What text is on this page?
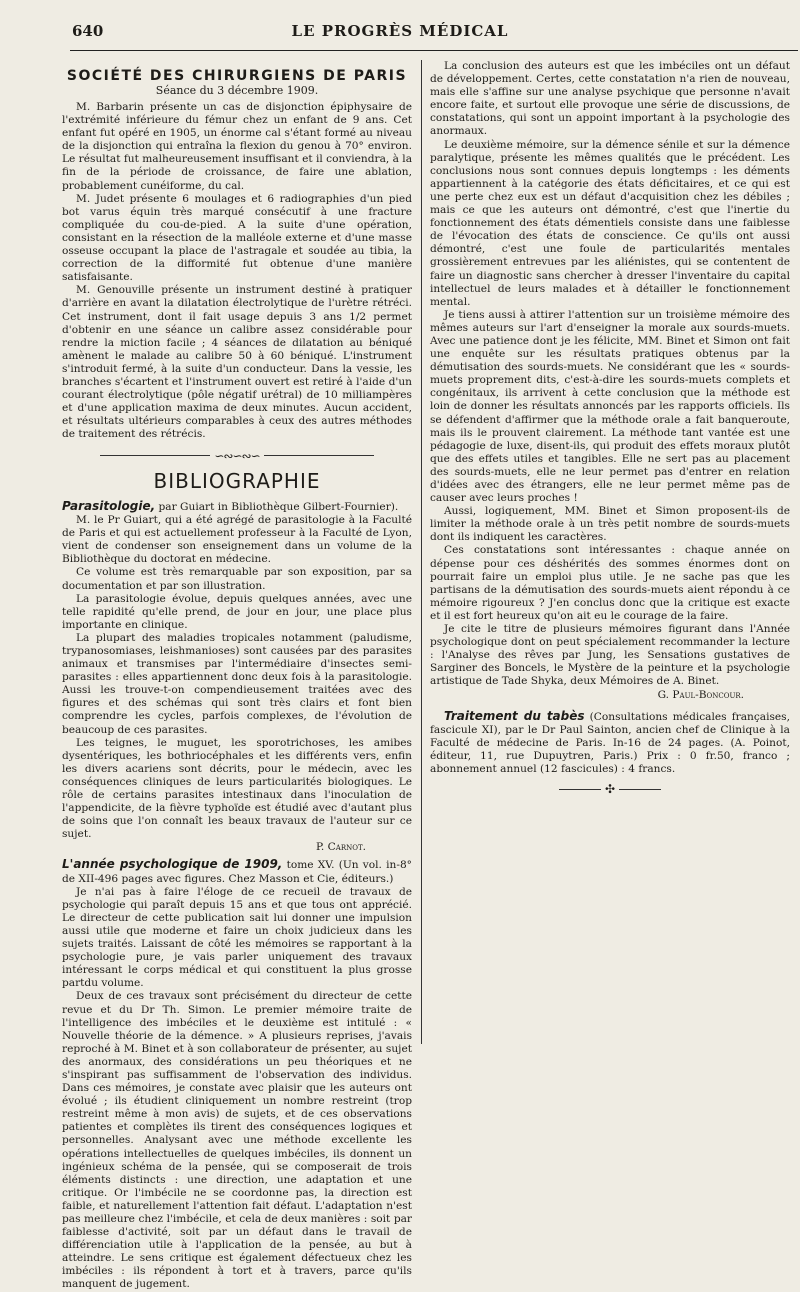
640	LE PROGRÈS MÉDICAL
SOCIÉTÉ DES CHIRURGIENS DE PARIS
Séance du 3 décembre 1909.

M. Barbarin présente un cas de disjonction épiphysaire de l'extrémité inférieure du fémur chez un enfant de 9 ans. Cet enfant fut opéré en 1905, un énorme cal s'étant formé au niveau de la disjonction qui entraîna la flexion du genou à 70° environ. Le résultat fut malheureusement insuffisant et il conviendra, à la fin de la période de croissance, de faire une ablation, probablement cunéiforme, du cal.

M. Judet présente 6 moulages et 6 radiographies d'un pied bot varus équin très marqué consécutif à une fracture compliquée du cou-de-pied. A la suite d'une opération, consistant en la résection de la malléole externe et d'une masse osseuse occupant la place de l'astragale et soudée au tibia, la correction de la difformité fut obtenue d'une manière satisfaisante.

M. Genouville présente un instrument destiné à pratiquer d'arrière en avant la dilatation électrolytique de l'urètre rétréci. Cet instrument, dont il fait usage depuis 3 ans 1/2 permet d'obtenir en une séance un calibre assez considérable pour rendre la miction facile ; 4 séances de dilatation au béniqué amènent le malade au calibre 50 à 60 béniqué. L'instrument s'introduit fermé, à la suite d'un conducteur. Dans la vessie, les branches s'écartent et l'instrument ouvert est retiré à l'aide d'un courant électrolytique (pôle négatif urétral) de 10 milliampères et d'une application maxima de deux minutes. Aucun accident, et résultats ultérieurs comparables à ceux des autres méthodes de traitement des rétrécis.

∽∾∽∾∽
BIBLIOGRAPHIE

Parasitologie, par Guiart in Bibliothèque Gilbert-Fournier).

M. le Pr Guiart, qui a été agrégé de parasitologie à la Faculté de Paris et qui est actuellement professeur à la Faculté de Lyon, vient de condenser son enseignement dans un volume de la Bibliothèque du doctorat en médecine.

Ce volume est très remarquable par son exposition, par sa documentation et par son illustration.

La parasitologie évolue, depuis quelques années, avec une telle rapidité qu'elle prend, de jour en jour, une place plus importante en clinique.

La plupart des maladies tropicales notamment (paludisme, trypanosomiases, leishmanioses) sont causées par des parasites animaux et transmises par l'intermédiaire d'insectes semi-parasites : elles appartiennent donc deux fois à la parasitologie. Aussi les trouve-t-on compendieusement traitées avec des figures et des schémas qui sont très clairs et font bien comprendre les cycles, parfois complexes, de l'évolution de beaucoup de ces parasites.

Les teignes, le muguet, les sporotrichoses, les amibes dysentériques, les bothriocéphales et les différents vers, enfin les divers acariens sont décrits, pour le médecin, avec les conséquences cliniques de leurs particularités biologiques. Le rôle de certains parasites intestinaux dans l'inoculation de l'appendicite, de la fièvre typhoïde est étudié avec d'autant plus de soins que l'on connaît les beaux travaux de l'auteur sur ce sujet.

P. Carnot.

L'année psychologique de 1909, tome XV. (Un vol. in-8° de XII-496 pages avec figures. Chez Masson et Cie, éditeurs.)

Je n'ai pas à faire l'éloge de ce recueil de travaux de psychologie qui paraît depuis 15 ans et que tous ont apprécié. Le directeur de cette publication sait lui donner une impulsion aussi utile que moderne et faire un choix judicieux dans les sujets traités. Laissant de côté les mémoires se rapportant à la psychologie pure, je vais parler uniquement des travaux intéressant le corps médical et qui constituent la plus grosse partdu volume.

Deux de ces travaux sont précisément du directeur de cette revue et du Dr Th. Simon. Le premier mémoire traite de l'intelligence des imbéciles et le deuxième est intitulé : « Nouvelle théorie de la démence. » A plusieurs reprises, j'avais reproché à M. Binet et à son collaborateur de présenter, au sujet des anormaux, des considérations un peu théoriques et ne s'inspirant pas suffisamment de l'observation des individus. Dans ces mémoires, je constate avec plaisir que les auteurs ont évolué ; ils étudient cliniquement un nombre restreint (trop restreint même à mon avis) de sujets, et de ces observations patientes et complètes ils tirent des conséquences logiques et personnelles. Analysant avec une méthode excellente les opérations intellectuelles de quelques imbéciles, ils donnent un ingénieux schéma de la pensée, qui se composerait de trois éléments distincts : une direction, une adaptation et une critique. Or l'imbécile ne se coordonne pas, la direction est faible, et naturellement l'attention fait défaut. L'adaptation n'est pas meilleure chez l'imbécile, et cela de deux manières : soit par faiblesse d'activité, soit par un défaut dans le travail de différenciation utile à l'application de la pensée, au but à atteindre. Le sens critique est également défectueux chez les imbéciles : ils répondent à tort et à travers, parce qu'ils manquent de jugement.

La conclusion des auteurs est que les imbéciles ont un défaut de développement. Certes, cette constatation n'a rien de nouveau, mais elle s'affine sur une analyse psychique que personne n'avait encore faite, et surtout elle provoque une série de discussions, de constatations, qui sont un appoint important à la psychologie des anormaux.

Le deuxième mémoire, sur la démence sénile et sur la démence paralytique, présente les mêmes qualités que le précédent. Les conclusions nous sont connues depuis longtemps : les déments appartiennent à la catégorie des états déficitaires, et ce qui est une perte chez eux est un défaut d'acquisition chez les débiles ; mais ce que les auteurs ont démontré, c'est que l'inertie du fonctionnement des états démentiels consiste dans une faiblesse de l'évocation des états de conscience. Ce qu'ils ont aussi démontré, c'est une foule de particularités mentales grossièrement entrevues par les aliénistes, qui se contentent de faire un diagnostic sans chercher à dresser l'inventaire du capital intellectuel de leurs malades et à détailler le fonctionnement mental.

Je tiens aussi à attirer l'attention sur un troisième mémoire des mêmes auteurs sur l'art d'enseigner la morale aux sourds-muets. Avec une patience dont je les félicite, MM. Binet et Simon ont fait une enquête sur les résultats pratiques obtenus par la démutisation des sourds-muets. Ne considérant que les « sourds-muets proprement dits, c'est-à-dire les sourds-muets complets et congénitaux, ils arrivent à cette conclusion que la méthode est loin de donner les résultats annoncés par les rapports officiels. Ils se défendent d'affirmer que la méthode orale a fait banqueroute, mais ils le prouvent clairement. La méthode tant vantée est une pédagogie de luxe, disent-ils, qui produit des effets moraux plutôt que des effets utiles et tangibles. Elle ne sert pas au placement des sourds-muets, elle ne leur permet pas d'entrer en relation d'idées avec des étrangers, elle ne leur permet même pas de causer avec leurs proches !

Aussi, logiquement, MM. Binet et Simon proposent-ils de limiter la méthode orale à un très petit nombre de sourds-muets dont ils indiquent les caractères.

Ces constatations sont intéressantes : chaque année on dépense pour ces déshérités des sommes énormes dont on pourrait faire un emploi plus utile. Je ne sache pas que les partisans de la démutisation des sourds-muets aient répondu à ce mémoire rigoureux ? J'en conclus donc que la critique est exacte et il est fort heureux qu'on ait eu le courage de la faire.

Je cite le titre de plusieurs mémoires figurant dans l'Année psychologique dont on peut spécialement recommander la lecture : l'Analyse des rêves par Jung, les Sensations gustatives de Sarginer des Boncels, le Mystère de la peinture et la psychologie artistique de Tade Shyka, deux Mémoires de A. Binet.

G. Paul-Boncour.

Traitement du tabès (Consultations médicales françaises, fascicule XI), par le Dr Paul Sainton, ancien chef de Clinique à la Faculté de médecine de Paris. In-16 de 24 pages. (A. Poinot, éditeur, 11, rue Dupuytren, Paris.) Prix : 0 fr.50, franco ; abonnement annuel (12 fascicules) : 4 francs.

✣
